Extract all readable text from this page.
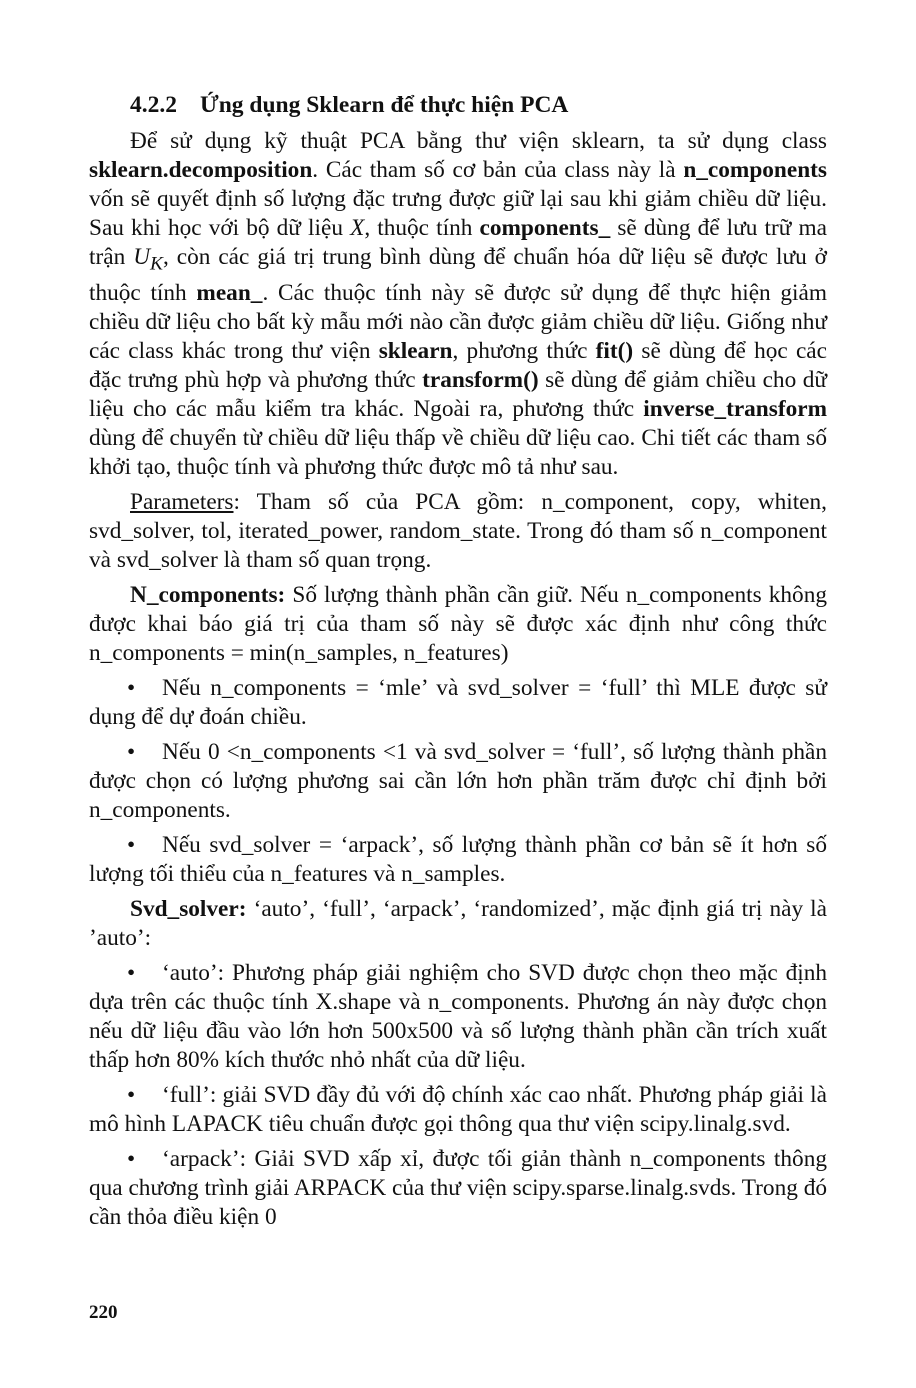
4.2.2 Ứng dụng Sklearn để thực hiện PCA

Để sử dụng kỹ thuật PCA bằng thư viện sklearn, ta sử dụng class sklearn.decomposition. Các tham số cơ bản của class này là n_components vốn sẽ quyết định số lượng đặc trưng được giữ lại sau khi giảm chiều dữ liệu. Sau khi học với bộ dữ liệu X, thuộc tính components_ sẽ dùng để lưu trữ ma trận $U_K$, còn các giá trị trung bình dùng để chuẩn hóa dữ liệu sẽ được lưu ở thuộc tính mean_. Các thuộc tính này sẽ được sử dụng để thực hiện giảm chiều dữ liệu cho bất kỳ mẫu mới nào cần được giảm chiều dữ liệu. Giống như các class khác trong thư viện sklearn, phương thức fit() sẽ dùng để học các đặc trưng phù hợp và phương thức transform() sẽ dùng để giảm chiều cho dữ liệu cho các mẫu kiểm tra khác. Ngoài ra, phương thức inverse_transform dùng để chuyển từ chiều dữ liệu thấp về chiều dữ liệu cao. Chi tiết các tham số khởi tạo, thuộc tính và phương thức được mô tả như sau.

Parameters: Tham số của PCA gồm: n_component, copy, whiten, svd_solver, tol, iterated_power, random_state. Trong đó tham số n_component và svd_solver là tham số quan trọng.

N_components: Số lượng thành phần cần giữ. Nếu n_components không được khai báo giá trị của tham số này sẽ được xác định như công thức n_components = min(n_samples, n_features)

• Nếu n_components = ‘mle’ và svd_solver = ‘full’ thì MLE được sử dụng để dự đoán chiều.

• Nếu 0 <n_components <1 và svd_solver = ‘full’, số lượng thành phần được chọn có lượng phương sai cần lớn hơn phần trăm được chỉ định bởi n_components.

• Nếu svd_solver = ‘arpack’, số lượng thành phần cơ bản sẽ ít hơn số lượng tối thiểu của n_features và n_samples.

Svd_solver: ‘auto’, ‘full’, ‘arpack’, ‘randomized’, mặc định giá trị này là ’auto’:

• ‘auto’: Phương pháp giải nghiệm cho SVD được chọn theo mặc định dựa trên các thuộc tính X.shape và n_components. Phương án này được chọn nếu dữ liệu đầu vào lớn hơn 500x500 và số lượng thành phần cần trích xuất thấp hơn 80% kích thước nhỏ nhất của dữ liệu.

• ‘full’: giải SVD đầy đủ với độ chính xác cao nhất. Phương pháp giải là mô hình LAPACK tiêu chuẩn được gọi thông qua thư viện scipy.linalg.svd.

• ‘arpack’: Giải SVD xấp xỉ, được tối giản thành n_components thông qua chương trình giải ARPACK của thư viện scipy.sparse.linalg.svds. Trong đó cần thỏa điều kiện 0

220
